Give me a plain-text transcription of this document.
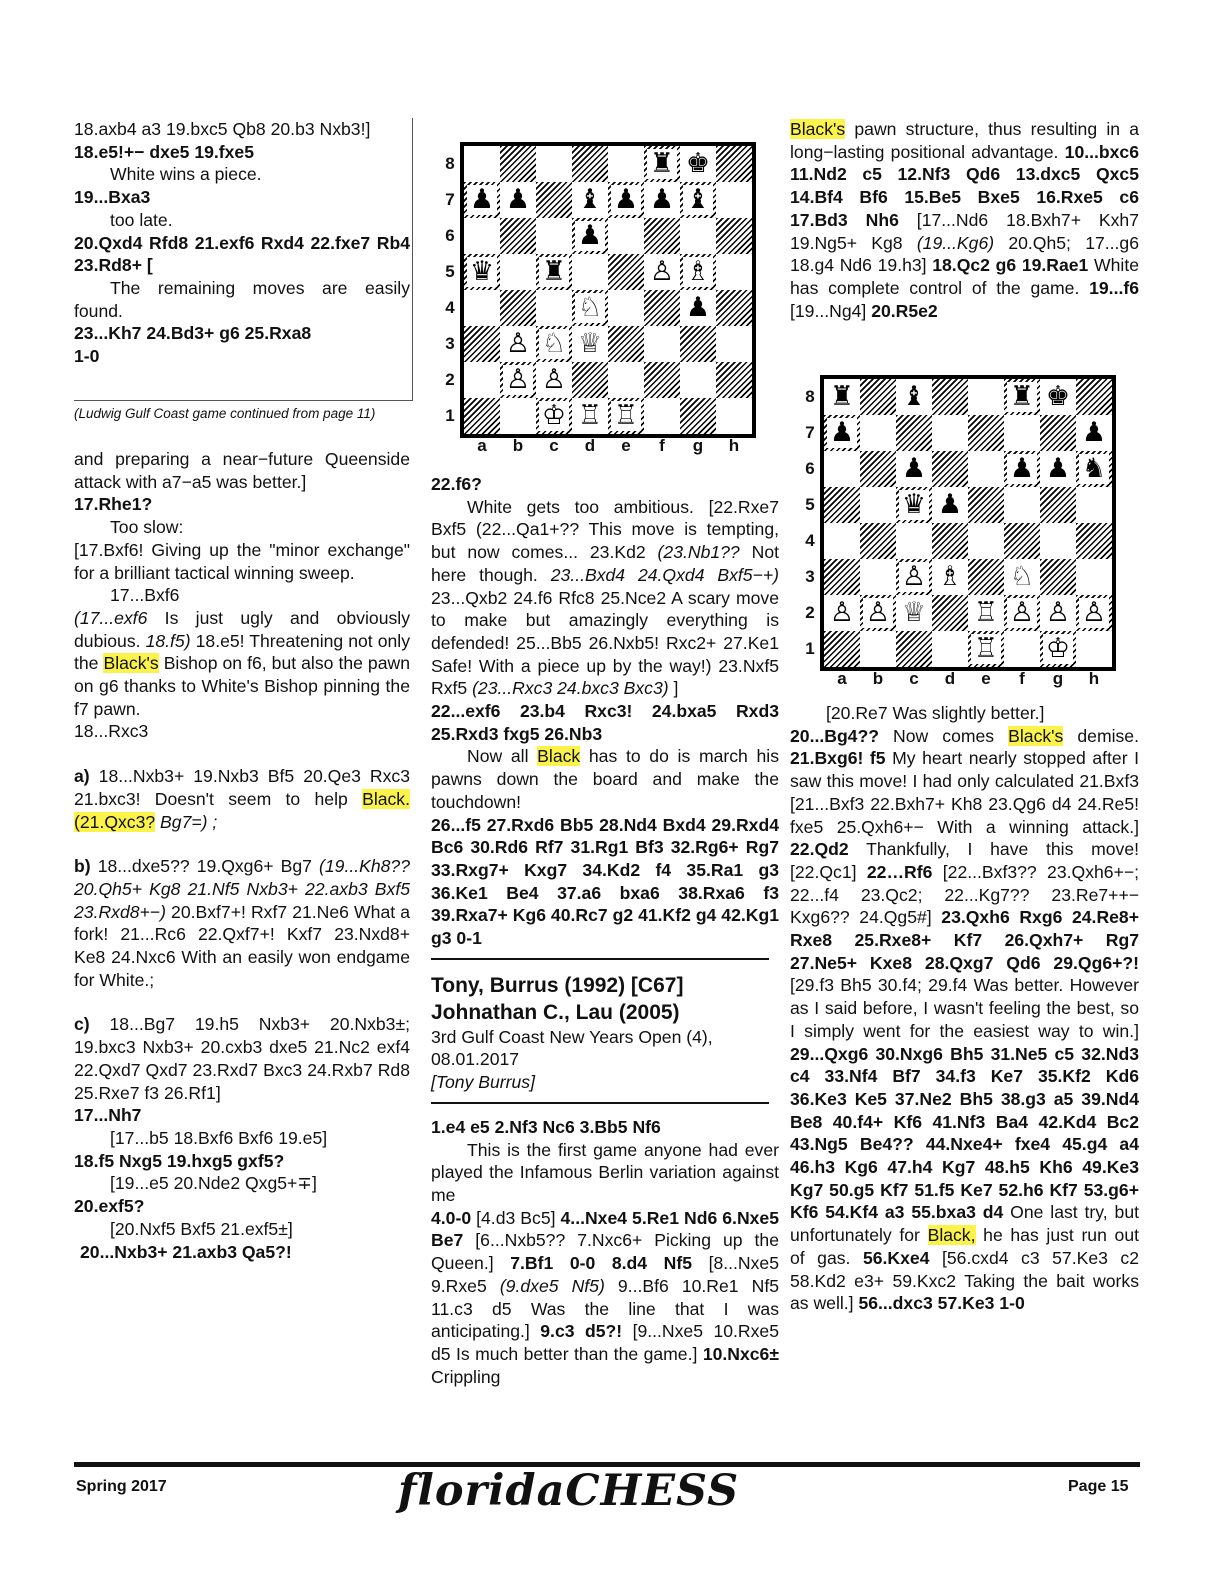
18.axb4 a3 19.bxc5 Qb8 20.b3 Nxb3!]

18.e5!+− dxe5 19.fxe5

White wins a piece.

19...Bxa3

too late.

20.Qxd4 Rfd8 21.exf6 Rxd4 22.fxe7 Rb4 23.Rd8+ [

The remaining moves are easily found.

23...Kh7 24.Bd3+ g6 25.Rxa8

1-0

(Ludwig Gulf Coast game continued from page 11)

and preparing a near−future Queenside attack with a7−a5 was better.]

17.Rhe1?

Too slow:

[17.Bxf6! Giving up the "minor exchange" for a brilliant tactical winning sweep.

17...Bxf6

(17...exf6 Is just ugly and obviously dubious. 18.f5) 18.e5! Threatening not only the Black's Bishop on f6, but also the pawn on g6 thanks to White's Bishop pinning the f7 pawn.

18...Rxc3

a) 18...Nxb3+ 19.Nxb3 Bf5 20.Qe3 Rxc3 21.bxc3! Doesn't seem to help Black.(21.Qxc3? Bg7=) ;

b) 18...dxe5?? 19.Qxg6+ Bg7 (19...Kh8?? 20.Qh5+ Kg8 21.Nf5 Nxb3+ 22.axb3 Bxf5 23.Rxd8+−) 20.Bxf7+! Rxf7 21.Ne6 What a fork! 21...Rc6 22.Qxf7+! Kxf7 23.Nxd8+ Ke8 24.Nxc6 With an easily won endgame for White.;

c) 18...Bg7 19.h5 Nxb3+ 20.Nxb3±; 19.bxc3 Nxb3+ 20.cxb3 dxe5 21.Nc2 exf4 22.Qxd7 Qxd7 23.Rxd7 Bxc3 24.Rxb7 Rd8 25.Rxe7 f3 26.Rf1]

17...Nh7

[17...b5 18.Bxf6 Bxf6 19.e5]

18.f5 Nxg5 19.hxg5 gxf5?

[19...e5 20.Nde2 Qxg5+∓]

20.exf5?

[20.Nxf5 Bxf5 21.exf5±]

20...Nxb3+ 21.axb3 Qa5?!

8
7
6
5
4
3
2
1
a	b	c	d	e	f	g	h
♜ ♚
♟ ♟ ♝ ♟ ♟ ♝
♟
♛ ♜	♙ ♗
♘	♟
♙ ♘ ♕
♙ ♙
♔ ♖ ♖

22.f6?

White gets too ambitious. [22.Rxe7 Bxf5 (22...Qa1+?? This move is tempting, but now comes... 23.Kd2 (23.Nb1?? Not here though. 23...Bxd4 24.Qxd4 Bxf5−+) 23...Qxb2 24.f6 Rfc8 25.Nce2 A scary move to make but amazingly everything is defended! 25...Bb5 26.Nxb5! Rxc2+ 27.Ke1 Safe! With a piece up by the way!) 23.Nxf5 Rxf5 (23...Rxc3 24.bxc3 Bxc3) ]

22...exf6 23.b4 Rxc3! 24.bxa5 Rxd3 25.Rxd3 fxg5 26.Nb3

Now all Black has to do is march his pawns down the board and make the touchdown!

26...f5 27.Rxd6 Bb5 28.Nd4 Bxd4 29.Rxd4 Bc6 30.Rd6 Rf7 31.Rg1 Bf3 32.Rg6+ Rg7 33.Rxg7+ Kxg7 34.Kd2 f4 35.Ra1 g3 36.Ke1 Be4 37.a6 bxa6 38.Rxa6 f3 39.Rxa7+ Kg6 40.Rc7 g2 41.Kf2 g4 42.Kg1 g3 0-1

Tony, Burrus (1992) [C67]

Johnathan C., Lau (2005)

3rd Gulf Coast New Years Open (4), 08.01.2017

[Tony Burrus]

1.e4 e5 2.Nf3 Nc6 3.Bb5 Nf6

This is the first game anyone had ever played the Infamous Berlin variation against me

4.0-0 [4.d3 Bc5] 4...Nxe4 5.Re1 Nd6 6.Nxe5 Be7 [6...Nxb5?? 7.Nxc6+ Picking up the Queen.] 7.Bf1 0-0 8.d4 Nf5 [8...Nxe5 9.Rxe5 (9.dxe5 Nf5) 9...Bf6 10.Re1 Nf5 11.c3 d5 Was the line that I was anticipating.] 9.c3 d5?! [9...Nxe5 10.Rxe5 d5 Is much better than the game.] 10.Nxc6± Crippling

Black's pawn structure, thus resulting in a long−lasting positional advantage. 10...bxc6 11.Nd2 c5 12.Nf3 Qd6 13.dxc5 Qxc5 14.Bf4 Bf6 15.Be5 Bxe5 16.Rxe5 c6 17.Bd3 Nh6 [17...Nd6 18.Bxh7+ Kxh7 19.Ng5+ Kg8 (19...Kg6) 20.Qh5; 17...g6 18.g4 Nd6 19.h3] 18.Qc2 g6 19.Rae1 White has complete control of the game. 19...f6 [19...Ng4] 20.R5e2

8
7
6
5
4
3
2
1
a	b	c	d	e	f	g	h
♜ ♝	♜ ♚
♟	♟
♟	♟ ♟ ♞
♛ ♟
♙ ♗ ♘
♙ ♙ ♕ ♖ ♙ ♙ ♙
♖ ♔

[20.Re7 Was slightly better.]

20...Bg4?? Now comes Black's demise. 21.Bxg6! f5 My heart nearly stopped after I saw this move! I had only calculated 21.Bxf3 [21...Bxf3 22.Bxh7+ Kh8 23.Qg6 d4 24.Re5! fxe5 25.Qxh6+− With a winning attack.] 22.Qd2 Thankfully, I have this move! [22.Qc1] 22…Rf6 [22...Bxf3?? 23.Qxh6+−; 22...f4 23.Qc2; 22...Kg7?? 23.Re7++− Kxg6?? 24.Qg5#] 23.Qxh6 Rxg6 24.Re8+ Rxe8 25.Rxe8+ Kf7 26.Qxh7+ Rg7 27.Ne5+ Kxe8 28.Qxg7 Qd6 29.Qg6+?! [29.f3 Bh5 30.f4; 29.f4 Was better. However as I said before, I wasn't feeling the best, so I simply went for the easiest way to win.] 29...Qxg6 30.Nxg6 Bh5 31.Ne5 c5 32.Nd3 c4 33.Nf4 Bf7 34.f3 Ke7 35.Kf2 Kd6 36.Ke3 Ke5 37.Ne2 Bh5 38.g3 a5 39.Nd4 Be8 40.f4+ Kf6 41.Nf3 Ba4 42.Kd4 Bc2 43.Ng5 Be4?? 44.Nxe4+ fxe4 45.g4 a4 46.h3 Kg6 47.h4 Kg7 48.h5 Kh6 49.Ke3 Kg7 50.g5 Kf7 51.f5 Ke7 52.h6 Kf7 53.g6+ Kf6 54.Kf4 a3 55.bxa3 d4 One last try, but unfortunately for Black, he has just run out of gas. 56.Kxe4 [56.cxd4 c3 57.Ke3 c2 58.Kd2 e3+ 59.Kxc2 Taking the bait works as well.] 56...dxc3 57.Ke3 1-0

Spring 2017	floridaCHESS	Page 15
